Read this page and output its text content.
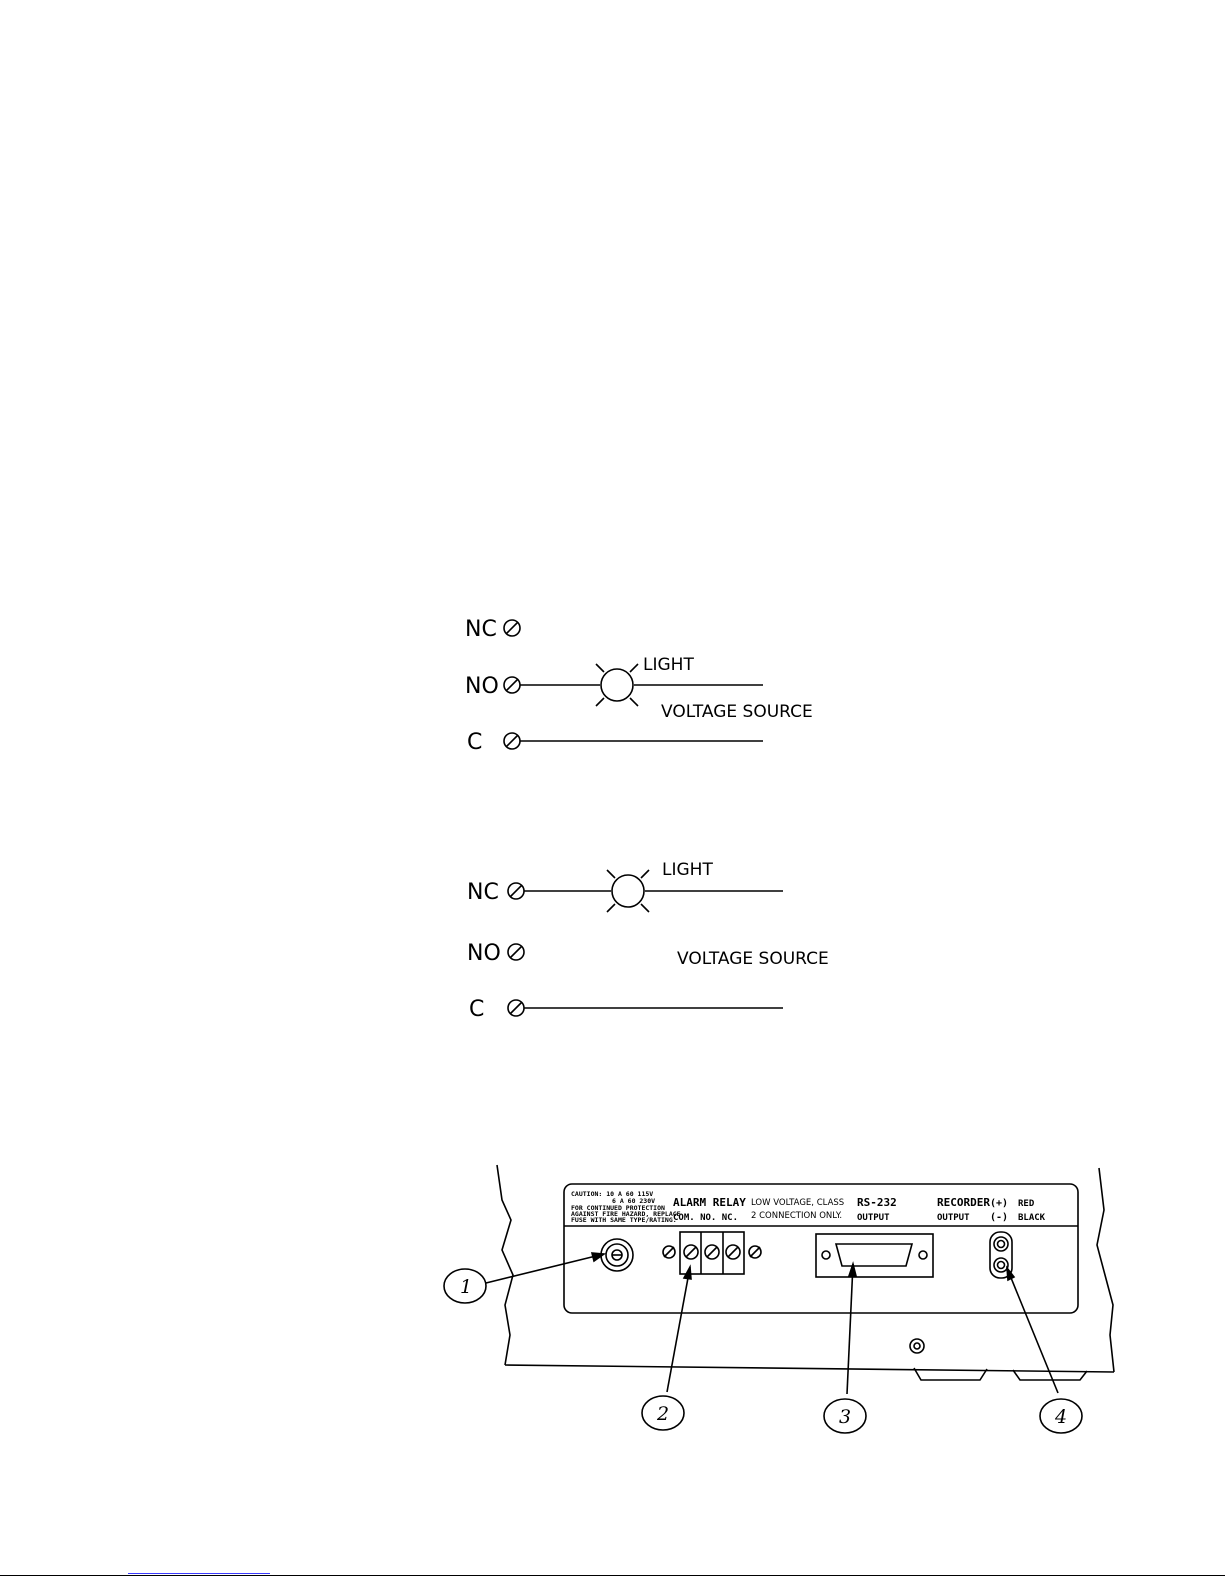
NC
NO
C
LIGHT
VOLTAGE SOURCE
NC
NO
C
LIGHT
VOLTAGE SOURCE
CAUTION: 10 A 60 115V
6 A 60 230V
FOR CONTINUED PROTECTION
AGAINST FIRE HAZARD, REPLACE
FUSE WITH SAME TYPE/RATING.
ALARM RELAY
COM. NO. NC.
LOW VOLTAGE, CLASS
2 CONNECTION ONLY.
RS-232
OUTPUT
RECORDER
OUTPUT
(+)
(-)
RED
BLACK
1
2	3	4
